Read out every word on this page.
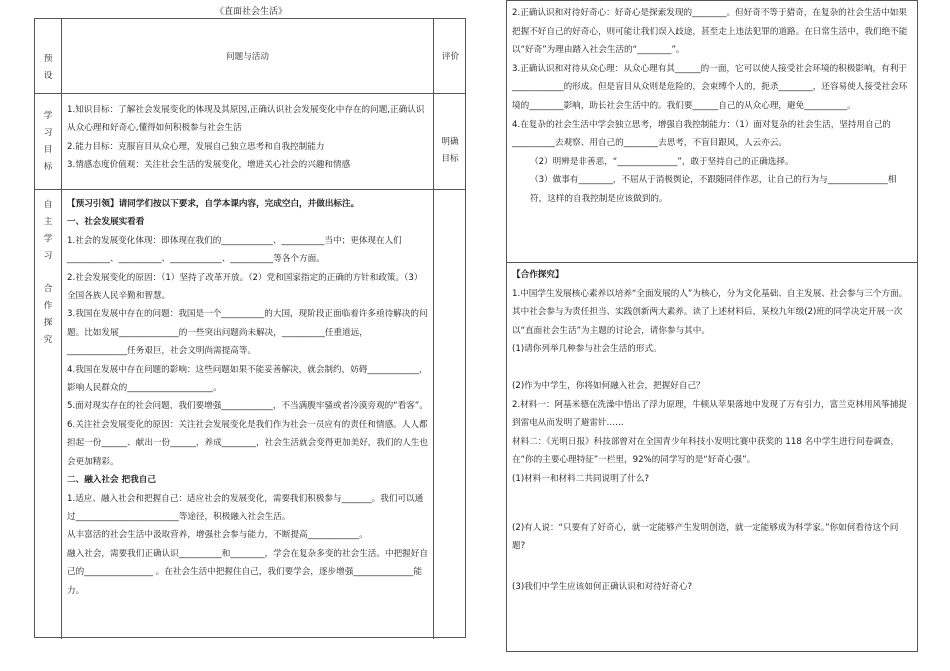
《直面社会生活》
预设
问题与活动	评价
学习目标

1.知识目标：了解社会发展变化的体现及其原因,正确认识社会发展变化中存在的问题,正确认识从众心理和好奇心,懂得如何积极参与社会生活

2.能力目标：克服盲目从众心理，发展自己独立思考和自我控制能力

3.情感态度价值观：关注社会生活的发展变化，增进关心社会的兴趣和情感

明确目标
自主学习
合作探究

【预习引领】请同学们按以下要求，自学本课内容，完成空白，并做出标注。

一、社会发展实看看

1.社会的发展变化体现：即体现在我们的____________、__________当中；更体现在人们__________、__________、____________、__________等各个方面。

2.社会发展变化的原因：（1）坚持了改革开放。（2）党和国家指定的正确的方针和政策。（3）全国各族人民辛勤和智慧。

3.我国在发展中存在的问题：我国是一个__________的大国，现阶段正面临着许多亟待解决的问题。比如发展______________的一些突出问题尚未解决，__________任重道远，

______________任务艰巨，社会文明尚需提高等。

4.我国在发展中存在问题的影响：这些问题如果不能妥善解决，就会制约，妨碍____________，影响人民群众的____________________。

5.面对现实存在的社会问题，我们要增强____________，不当满腹牢骚或者冷漠旁观的“看客”。

6.关注社会发展变化的原因：关注社会发展变化是我们作为社会一员应有的责任和情感。人人都担起一份______、献出一份______，养成________，社会生活就会变得更加美好，我们的人生也会更加精彩。

二、融入社会 把我自己

1.适应、融入社会和把握自己：适应社会的发展变化，需要我们积极参与_______。我们可以通过________________________等途径，积极融入社会生活。

从丰富活的社会生活中汲取营养，增强社会参与能力，不断提高____________。

融入社会，需要我们正确认识__________和________，学会在复杂多变的社会生活。中把握好自己的________________ 。在社会生活中把握住自己，我们要学会，逐步增强______________能力。

2.正确认识和对待好奇心：好奇心是探索发现的________。但好奇不等于猎奇，在复杂的社会生活中如果把握不好自己的好奇心，则可能让我们误入歧途，甚至走上违法犯罪的道路。在日常生活中，我们绝不能以“好奇”为理由踏入社会生活的“________”。

3.正确认识和对待从众心理：从众心理有其______的一面，它可以使人接受社会环境的积极影响，有利于____________的形成。但是盲目从众则是危险的，会束缚个人的，扼杀________，还容易使人接受社会环境的________影响，助长社会生活中的。我们要______自己的从众心理，避免__________。

4.在复杂的社会生活中学会独立思考，增强自我控制能力：（1）面对复杂的社会生活，坚持用自己的__________去观察、用自己的________去思考，不盲目跟风，人云亦云。

（2）明辨是非善恶，“______________”，敢于坚持自己的正确选择。

（3）做事有________，不屈从于消极舆论，不跟随同伴作恶，让自己的行为与______________相符，这样的自我控制是应该做到的。

【合作探究】

1.中国学生发展核心素养以培养“全面发展的人”为核心，分为文化基础、自主发展、社会参与三个方面。其中社会参与为责任担当、实践创新两大素养。读了上述材料后，某校九年级(2)班的同学决定开展一次以“直面社会生活”为主题的讨论会，请你参与其中。

(1)请你列举几种参与社会生活的形式。

(2)作为中学生，你将如何融入社会，把握好自己？

2.材料一：阿基米德在洗澡中悟出了浮力原理，牛顿从苹果落地中发现了万有引力，富兰克林用风筝捕捉到雷电从而发明了避雷针……

材料二：《光明日报》科技部曾对在全国青少年科技小发明比赛中获奖的 118 名中学生进行问卷调查，在“你的主要心理特征”一栏里，92%的同学写的是“好奇心强”。

(1)材料一和材料二共同说明了什么?

(2)有人说：“只要有了好奇心，就一定能够产生发明创造，就一定能够成为科学家。”你如何看待这个问题?

(3)我们中学生应该如何正确认识和对待好奇心?
